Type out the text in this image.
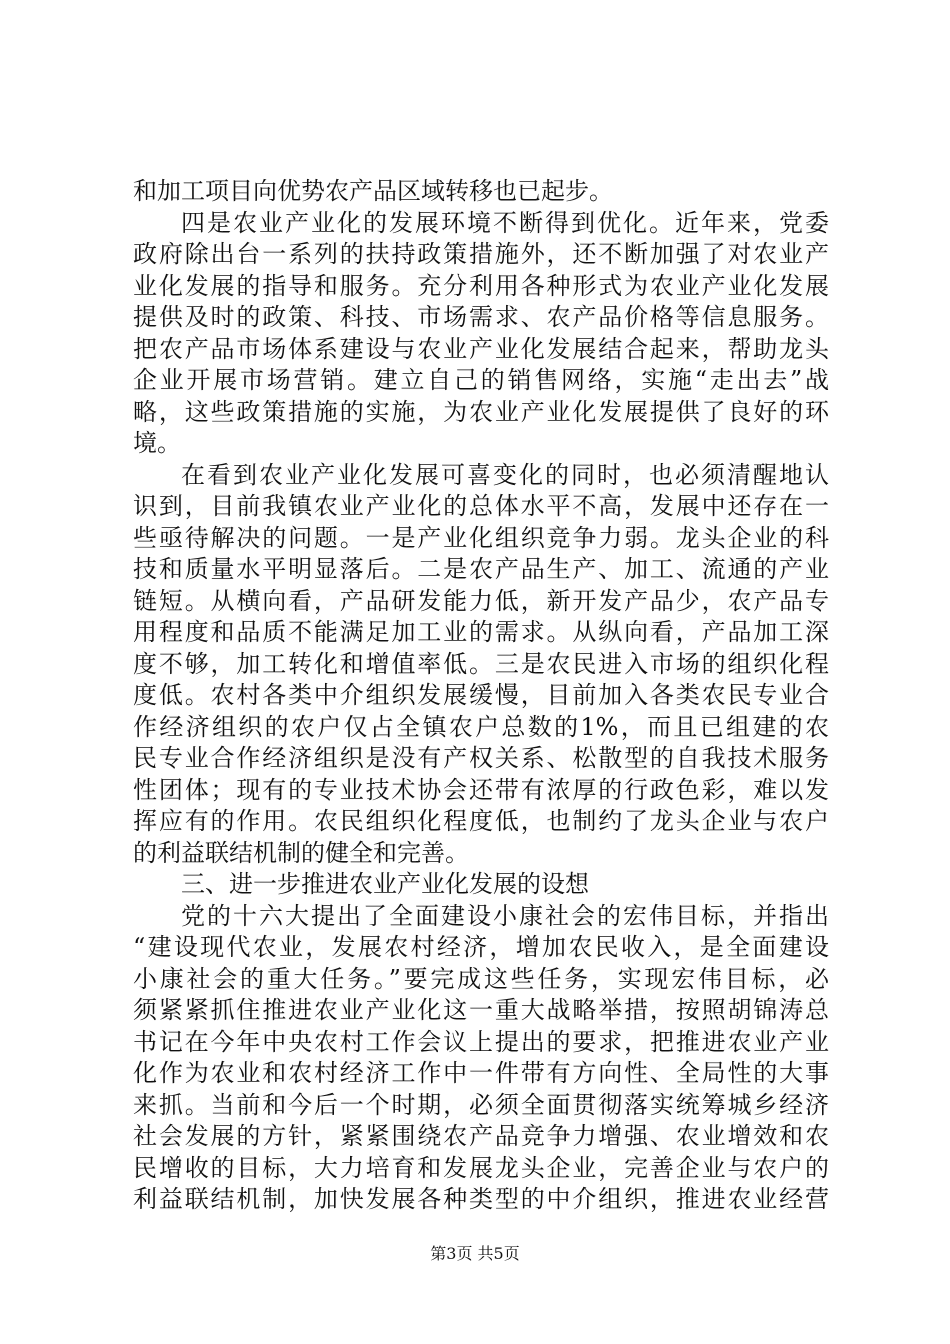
和加工项目向优势农产品区域转移也已起步。
四是农业产业化的发展环境不断得到优化。近年来，党委
政府除出台一系列的扶持政策措施外，还不断加强了对农业产
业化发展的指导和服务。充分利用各种形式为农业产业化发展
提供及时的政策、科技、市场需求、农产品价格等信息服务。
把农产品市场体系建设与农业产业化发展结合起来，帮助龙头
企业开展市场营销。建立自己的销售网络，实施“走出去”战
略，这些政策措施的实施，为农业产业化发展提供了良好的环
境。
在看到农业产业化发展可喜变化的同时，也必须清醒地认
识到，目前我镇农业产业化的总体水平不高，发展中还存在一
些亟待解决的问题。一是产业化组织竞争力弱。龙头企业的科
技和质量水平明显落后。二是农产品生产、加工、流通的产业
链短。从横向看，产品研发能力低，新开发产品少，农产品专
用程度和品质不能满足加工业的需求。从纵向看，产品加工深
度不够，加工转化和增值率低。三是农民进入市场的组织化程
度低。农村各类中介组织发展缓慢，目前加入各类农民专业合
作经济组织的农户仅占全镇农户总数的1%，而且已组建的农
民专业合作经济组织是没有产权关系、松散型的自我技术服务
性团体；现有的专业技术协会还带有浓厚的行政色彩，难以发
挥应有的作用。农民组织化程度低，也制约了龙头企业与农户
的利益联结机制的健全和完善。
三、进一步推进农业产业化发展的设想
党的十六大提出了全面建设小康社会的宏伟目标，并指出
“建设现代农业，发展农村经济，增加农民收入，是全面建设
小康社会的重大任务。”要完成这些任务，实现宏伟目标，必
须紧紧抓住推进农业产业化这一重大战略举措，按照胡锦涛总
书记在今年中央农村工作会议上提出的要求，把推进农业产业
化作为农业和农村经济工作中一件带有方向性、全局性的大事
来抓。当前和今后一个时期，必须全面贯彻落实统筹城乡经济
社会发展的方针，紧紧围绕农产品竞争力增强、农业增效和农
民增收的目标，大力培育和发展龙头企业，完善企业与农户的
利益联结机制，加快发展各种类型的中介组织，推进农业经营
第3页 共5页
